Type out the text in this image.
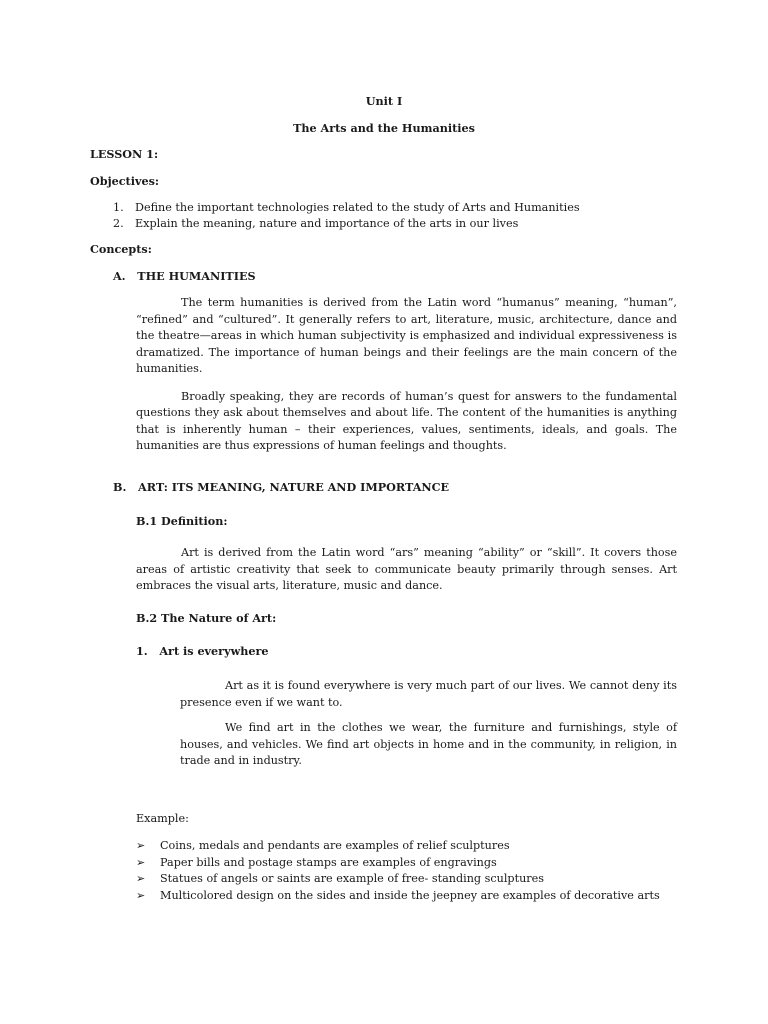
Unit I
The Arts and the Humanities
LESSON 1:
Objectives:
1. Define the important technologies related to the study of Arts and Humanities
2. Explain the meaning, nature and importance of the arts in our lives
Concepts:
A.   THE HUMANITIES

The term humanities is derived from the Latin word “humanus” meaning, “human”, “refined” and “cultured”. It generally refers to art, literature, music, architecture, dance and the theatre—areas in which human subjectivity is emphasized and individual expressiveness is dramatized. The importance of human beings and their feelings are the main concern of the humanities.

Broadly speaking, they are records of human’s quest for answers to the fundamental questions they ask about themselves and about life. The content of the humanities is anything that is inherently human – their experiences, values, sentiments, ideals, and goals. The humanities are thus expressions of human feelings and thoughts.

B.   ART: ITS MEANING, NATURE AND IMPORTANCE
B.1 Definition:

Art is derived from the Latin word “ars” meaning “ability” or “skill”. It covers those areas of artistic creativity that seek to communicate beauty primarily through senses. Art embraces the visual arts, literature, music and dance.

B.2 The Nature of Art:
1.   Art is everywhere

Art as it is found everywhere is very much part of our lives. We cannot deny its presence even if we want to.

We find art in the clothes we wear, the furniture and furnishings, style of houses, and vehicles. We find art objects in home and in the community, in religion, in trade and in industry.

Example:
➢ Coins, medals and pendants are examples of relief sculptures
➢ Paper bills and postage stamps are examples of engravings
➢ Statues of angels or saints are example of free- standing sculptures
➢ Multicolored design on the sides and inside the jeepney are examples of decorative arts
